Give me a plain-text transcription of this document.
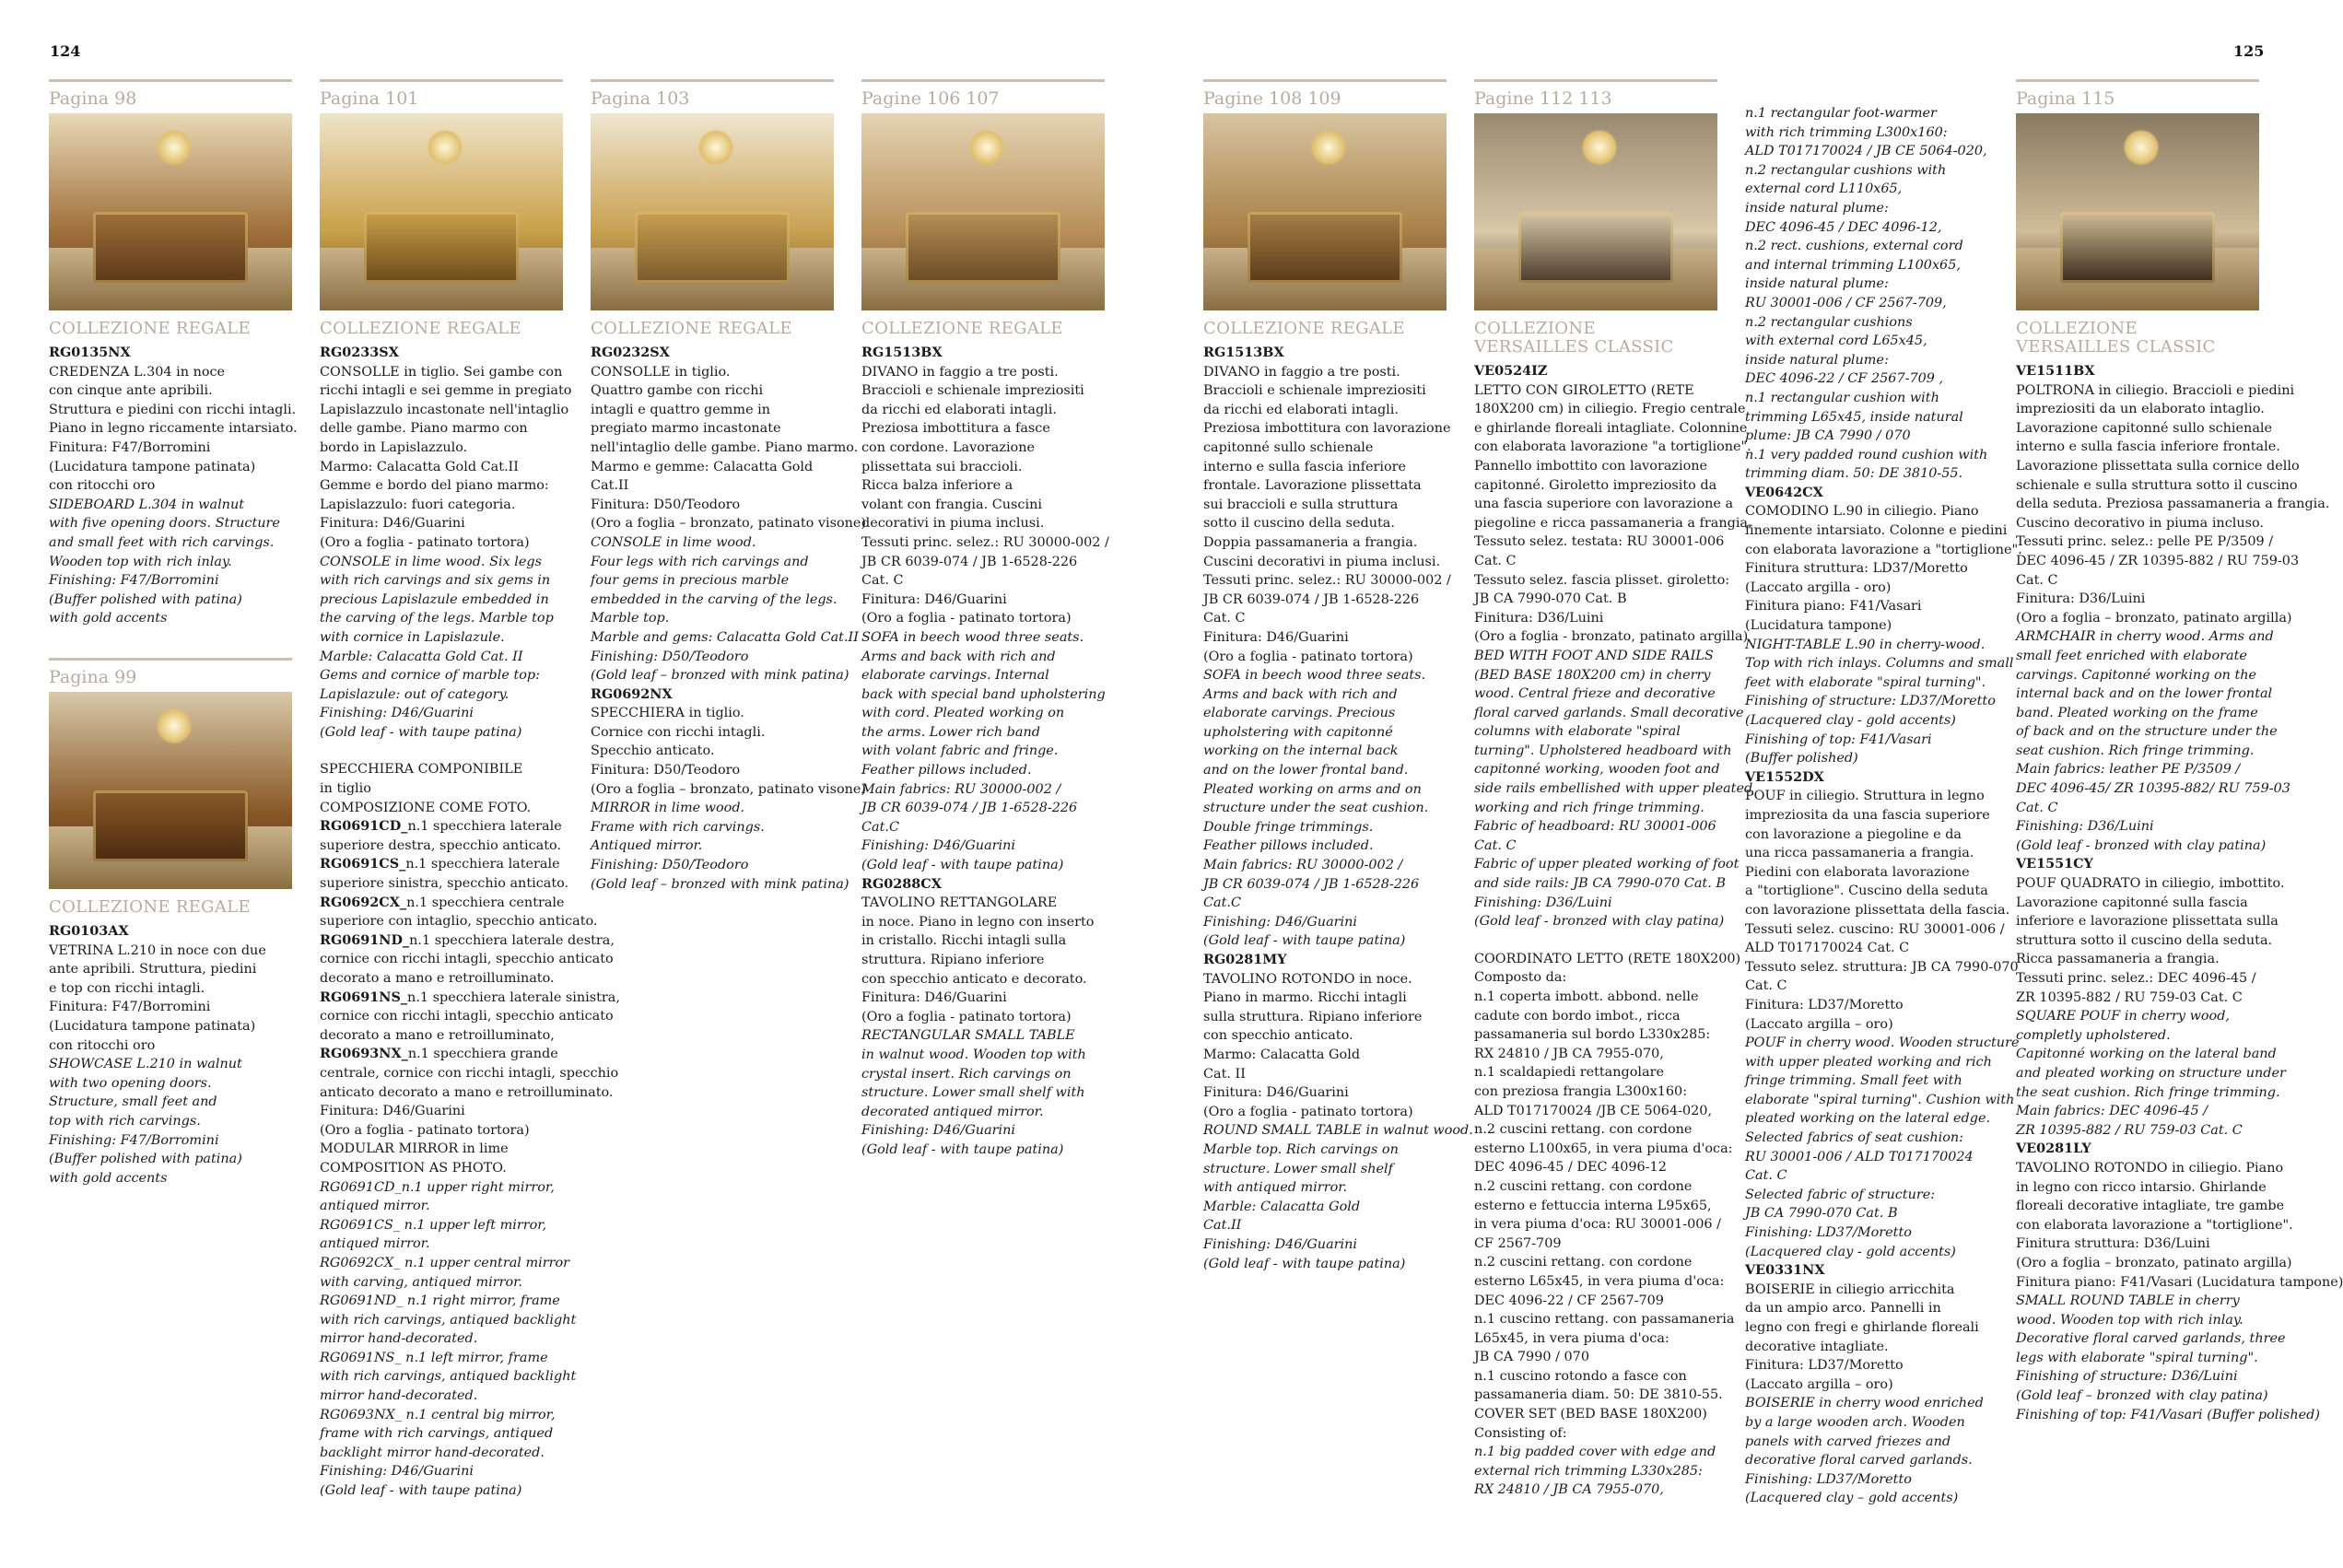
124	125
Pagina 98
COLLEZIONE REGALE
RG0135NX
CREDENZA L.304 in noce
con cinque ante apribili.
Struttura e piedini con ricchi intagli.
Piano in legno riccamente intarsiato.
Finitura: F47/Borromini
(Lucidatura tampone patinata)
con ritocchi oro
SIDEBOARD L.304 in walnut
with five opening doors. Structure
and small feet with rich carvings.
Wooden top with rich inlay.
Finishing: F47/Borromini
(Buffer polished with patina)
with gold accents
Pagina 99
COLLEZIONE REGALE
RG0103AX
VETRINA L.210 in noce con due
ante apribili. Struttura, piedini
e top con ricchi intagli.
Finitura: F47/Borromini
(Lucidatura tampone patinata)
con ritocchi oro
SHOWCASE L.210 in walnut
with two opening doors.
Structure, small feet and
top with rich carvings.
Finishing: F47/Borromini
(Buffer polished with patina)
with gold accents
Pagina 101
COLLEZIONE REGALE
RG0233SX
CONSOLLE in tiglio. Sei gambe con
ricchi intagli e sei gemme in pregiato
Lapislazzulo incastonate nell'intaglio
delle gambe. Piano marmo con
bordo in Lapislazzulo.
Marmo: Calacatta Gold Cat.II
Gemme e bordo del piano marmo:
Lapislazzulo: fuori categoria.
Finitura: D46/Guarini
(Oro a foglia - patinato tortora)
CONSOLE in lime wood. Six legs
with rich carvings and six gems in
precious Lapislazule embedded in
the carving of the legs. Marble top
with cornice in Lapislazule.
Marble: Calacatta Gold Cat. II
Gems and cornice of marble top:
Lapislazule: out of category.
Finishing: D46/Guarini
(Gold leaf - with taupe patina)
SPECCHIERA COMPONIBILE
in tiglio
COMPOSIZIONE COME FOTO.
RG0691CD_n.1 specchiera laterale
superiore destra, specchio anticato.
RG0691CS_n.1 specchiera laterale
superiore sinistra, specchio anticato.
RG0692CX_n.1 specchiera centrale
superiore con intaglio, specchio anticato.
RG0691ND_n.1 specchiera laterale destra,
cornice con ricchi intagli, specchio anticato
decorato a mano e retroilluminato.
RG0691NS_n.1 specchiera laterale sinistra,
cornice con ricchi intagli, specchio anticato
decorato a mano e retroilluminato,
RG0693NX_n.1 specchiera grande
centrale, cornice con ricchi intagli, specchio
anticato decorato a mano e retroilluminato.
Finitura: D46/Guarini
(Oro a foglia - patinato tortora)
MODULAR MIRROR in lime
COMPOSITION AS PHOTO.
RG0691CD_n.1 upper right mirror,
antiqued mirror.
RG0691CS_ n.1 upper left mirror,
antiqued mirror.
RG0692CX_ n.1 upper central mirror
with carving, antiqued mirror.
RG0691ND_ n.1 right mirror, frame
with rich carvings, antiqued backlight
mirror hand-decorated.
RG0691NS_ n.1 left mirror, frame
with rich carvings, antiqued backlight
mirror hand-decorated.
RG0693NX_ n.1 central big mirror,
frame with rich carvings, antiqued
backlight mirror hand-decorated.
Finishing: D46/Guarini
(Gold leaf - with taupe patina)
Pagina 103
COLLEZIONE REGALE
RG0232SX
CONSOLLE in tiglio.
Quattro gambe con ricchi
intagli e quattro gemme in
pregiato marmo incastonate
nell'intaglio delle gambe. Piano marmo.
Marmo e gemme: Calacatta Gold
Cat.II
Finitura: D50/Teodoro
(Oro a foglia – bronzato, patinato visone)
CONSOLE in lime wood.
Four legs with rich carvings and
four gems in precious marble
embedded in the carving of the legs.
Marble top.
Marble and gems: Calacatta Gold Cat.II
Finishing: D50/Teodoro
(Gold leaf – bronzed with mink patina)
RG0692NX
SPECCHIERA in tiglio.
Cornice con ricchi intagli.
Specchio anticato.
Finitura: D50/Teodoro
(Oro a foglia – bronzato, patinato visone)
MIRROR in lime wood.
Frame with rich carvings.
Antiqued mirror.
Finishing: D50/Teodoro
(Gold leaf – bronzed with mink patina)
Pagine 106 107
COLLEZIONE REGALE
RG1513BX
DIVANO in faggio a tre posti.
Braccioli e schienale impreziositi
da ricchi ed elaborati intagli.
Preziosa imbottitura a fasce
con cordone. Lavorazione
plissettata sui braccioli.
Ricca balza inferiore a
volant con frangia. Cuscini
decorativi in piuma inclusi.
Tessuti princ. selez.: RU 30000-002 /
JB CR 6039-074 / JB 1-6528-226
Cat. C
Finitura: D46/Guarini
(Oro a foglia - patinato tortora)
SOFA in beech wood three seats.
Arms and back with rich and
elaborate carvings. Internal
back with special band upholstering
with cord. Pleated working on
the arms. Lower rich band
with volant fabric and fringe.
Feather pillows included.
Main fabrics: RU 30000-002 /
JB CR 6039-074 / JB 1-6528-226
Cat.C
Finishing: D46/Guarini
(Gold leaf - with taupe patina)
RG0288CX
TAVOLINO RETTANGOLARE
in noce. Piano in legno con inserto
in cristallo. Ricchi intagli sulla
struttura. Ripiano inferiore
con specchio anticato e decorato.
Finitura: D46/Guarini
(Oro a foglia - patinato tortora)
RECTANGULAR SMALL TABLE
in walnut wood. Wooden top with
crystal insert. Rich carvings on
structure. Lower small shelf with
decorated antiqued mirror.
Finishing: D46/Guarini
(Gold leaf - with taupe patina)
Pagine 108 109
COLLEZIONE REGALE
RG1513BX
DIVANO in faggio a tre posti.
Braccioli e schienale impreziositi
da ricchi ed elaborati intagli.
Preziosa imbottitura con lavorazione
capitonné sullo schienale
interno e sulla fascia inferiore
frontale. Lavorazione plissettata
sui braccioli e sulla struttura
sotto il cuscino della seduta.
Doppia passamaneria a frangia.
Cuscini decorativi in piuma inclusi.
Tessuti princ. selez.: RU 30000-002 /
JB CR 6039-074 / JB 1-6528-226
Cat. C
Finitura: D46/Guarini
(Oro a foglia - patinato tortora)
SOFA in beech wood three seats.
Arms and back with rich and
elaborate carvings. Precious
upholstering with capitonné
working on the internal back
and on the lower frontal band.
Pleated working on arms and on
structure under the seat cushion.
Double fringe trimmings.
Feather pillows included.
Main fabrics: RU 30000-002 /
JB CR 6039-074 / JB 1-6528-226
Cat.C
Finishing: D46/Guarini
(Gold leaf - with taupe patina)
RG0281MY
TAVOLINO ROTONDO in noce.
Piano in marmo. Ricchi intagli
sulla struttura. Ripiano inferiore
con specchio anticato.
Marmo: Calacatta Gold
Cat. II
Finitura: D46/Guarini
(Oro a foglia - patinato tortora)
ROUND SMALL TABLE in walnut wood.
Marble top. Rich carvings on
structure. Lower small shelf
with antiqued mirror.
Marble: Calacatta Gold
Cat.II
Finishing: D46/Guarini
(Gold leaf - with taupe patina)
Pagine 112 113
COLLEZIONE
VERSAILLES CLASSIC
VE0524IZ
LETTO CON GIROLETTO (RETE
180X200 cm) in ciliegio. Fregio centrale
e ghirlande floreali intagliate. Colonnine
con elaborata lavorazione "a tortiglione".
Pannello imbottito con lavorazione
capitonné. Giroletto impreziosito da
una fascia superiore con lavorazione a
piegoline e ricca passamaneria a frangia.
Tessuto selez. testata: RU 30001-006
Cat. C
Tessuto selez. fascia plisset. giroletto:
JB CA 7990-070 Cat. B
Finitura: D36/Luini
(Oro a foglia - bronzato, patinato argilla)
BED WITH FOOT AND SIDE RAILS
(BED BASE 180X200 cm) in cherry
wood. Central frieze and decorative
floral carved garlands. Small decorative
columns with elaborate "spiral
turning". Upholstered headboard with
capitonné working, wooden foot and
side rails embellished with upper pleated
working and rich fringe trimming.
Fabric of headboard: RU 30001-006
Cat. C
Fabric of upper pleated working of foot
and side rails: JB CA 7990-070 Cat. B
Finishing: D36/Luini
(Gold leaf - bronzed with clay patina)
COORDINATO LETTO (RETE 180X200)
Composto da:
n.1 coperta imbott. abbond. nelle
cadute con bordo imbot., ricca
passamaneria sul bordo L330x285:
RX 24810 / JB CA 7955-070,
n.1 scaldapiedi rettangolare
con preziosa frangia L300x160:
ALD T017170024 /JB CE 5064-020,
n.2 cuscini rettang. con cordone
esterno L100x65, in vera piuma d'oca:
DEC 4096-45 / DEC 4096-12
n.2 cuscini rettang. con cordone
esterno e fettuccia interna L95x65,
in vera piuma d'oca: RU 30001-006 /
CF 2567-709
n.2 cuscini rettang. con cordone
esterno L65x45, in vera piuma d'oca:
DEC 4096-22 / CF 2567-709
n.1 cuscino rettang. con passamaneria
L65x45, in vera piuma d'oca:
JB CA 7990 / 070
n.1 cuscino rotondo a fasce con
passamaneria diam. 50: DE 3810-55.
COVER SET (BED BASE 180X200)
Consisting of:
n.1 big padded cover with edge and
external rich trimming L330x285:
RX 24810 / JB CA 7955-070,
n.1 rectangular foot-warmer
with rich trimming L300x160:
ALD T017170024 / JB CE 5064-020,
n.2 rectangular cushions with
external cord L110x65,
inside natural plume:
DEC 4096-45 / DEC 4096-12,
n.2 rect. cushions, external cord
and internal trimming L100x65,
inside natural plume:
RU 30001-006 / CF 2567-709,
n.2 rectangular cushions
with external cord L65x45,
inside natural plume:
DEC 4096-22 / CF 2567-709 ,
n.1 rectangular cushion with
trimming L65x45, inside natural
plume: JB CA 7990 / 070
n.1 very padded round cushion with
trimming diam. 50: DE 3810-55.
VE0642CX
COMODINO L.90 in ciliegio. Piano
finemente intarsiato. Colonne e piedini
con elaborata lavorazione a "tortiglione".
Finitura struttura: LD37/Moretto
(Laccato argilla - oro)
Finitura piano: F41/Vasari
(Lucidatura tampone)
NIGHT-TABLE L.90 in cherry-wood.
Top with rich inlays. Columns and small
feet with elaborate "spiral turning".
Finishing of structure: LD37/Moretto
(Lacquered clay - gold accents)
Finishing of top: F41/Vasari
(Buffer polished)
VE1552DX
POUF in ciliegio. Struttura in legno
impreziosita da una fascia superiore
con lavorazione a piegoline e da
una ricca passamaneria a frangia.
Piedini con elaborata lavorazione
a "tortiglione". Cuscino della seduta
con lavorazione plissettata della fascia.
Tessuti selez. cuscino: RU 30001-006 /
ALD T017170024 Cat. C
Tessuto selez. struttura: JB CA 7990-070
Cat. C
Finitura: LD37/Moretto
(Laccato argilla – oro)
POUF in cherry wood. Wooden structure
with upper pleated working and rich
fringe trimming. Small feet with
elaborate "spiral turning". Cushion with
pleated working on the lateral edge.
Selected fabrics of seat cushion:
RU 30001-006 / ALD T017170024
Cat. C
Selected fabric of structure:
JB CA 7990-070 Cat. B
Finishing: LD37/Moretto
(Lacquered clay - gold accents)
VE0331NX
BOISERIE in ciliegio arricchita
da un ampio arco. Pannelli in
legno con fregi e ghirlande floreali
decorative intagliate.
Finitura: LD37/Moretto
(Laccato argilla – oro)
BOISERIE in cherry wood enriched
by a large wooden arch. Wooden
panels with carved friezes and
decorative floral carved garlands.
Finishing: LD37/Moretto
(Lacquered clay – gold accents)
Pagina 115
COLLEZIONE
VERSAILLES CLASSIC
VE1511BX
POLTRONA in ciliegio. Braccioli e piedini
impreziositi da un elaborato intaglio.
Lavorazione capitonné sullo schienale
interno e sulla fascia inferiore frontale.
Lavorazione plissettata sulla cornice dello
schienale e sulla struttura sotto il cuscino
della seduta. Preziosa passamaneria a frangia.
Cuscino decorativo in piuma incluso.
Tessuti princ. selez.: pelle PE P/3509 /
DEC 4096-45 / ZR 10395-882 / RU 759-03
Cat. C
Finitura: D36/Luini
(Oro a foglia – bronzato, patinato argilla)
ARMCHAIR in cherry wood. Arms and
small feet enriched with elaborate
carvings. Capitonné working on the
internal back and on the lower frontal
band. Pleated working on the frame
of back and on the structure under the
seat cushion. Rich fringe trimming.
Main fabrics: leather PE P/3509 /
DEC 4096-45/ ZR 10395-882/ RU 759-03
Cat. C
Finishing: D36/Luini
(Gold leaf - bronzed with clay patina)
VE1551CY
POUF QUADRATO in ciliegio, imbottito.
Lavorazione capitonné sulla fascia
inferiore e lavorazione plissettata sulla
struttura sotto il cuscino della seduta.
Ricca passamaneria a frangia.
Tessuti princ. selez.: DEC 4096-45 /
ZR 10395-882 / RU 759-03 Cat. C
SQUARE POUF in cherry wood,
completly upholstered.
Capitonné working on the lateral band
and pleated working on structure under
the seat cushion. Rich fringe trimming.
Main fabrics: DEC 4096-45 /
ZR 10395-882 / RU 759-03 Cat. C
VE0281LY
TAVOLINO ROTONDO in ciliegio. Piano
in legno con ricco intarsio. Ghirlande
floreali decorative intagliate, tre gambe
con elaborata lavorazione a "tortiglione".
Finitura struttura: D36/Luini
(Oro a foglia – bronzato, patinato argilla)
Finitura piano: F41/Vasari (Lucidatura tampone)
SMALL ROUND TABLE in cherry
wood. Wooden top with rich inlay.
Decorative floral carved garlands, three
legs with elaborate "spiral turning".
Finishing of structure: D36/Luini
(Gold leaf – bronzed with clay patina)
Finishing of top: F41/Vasari (Buffer polished)
